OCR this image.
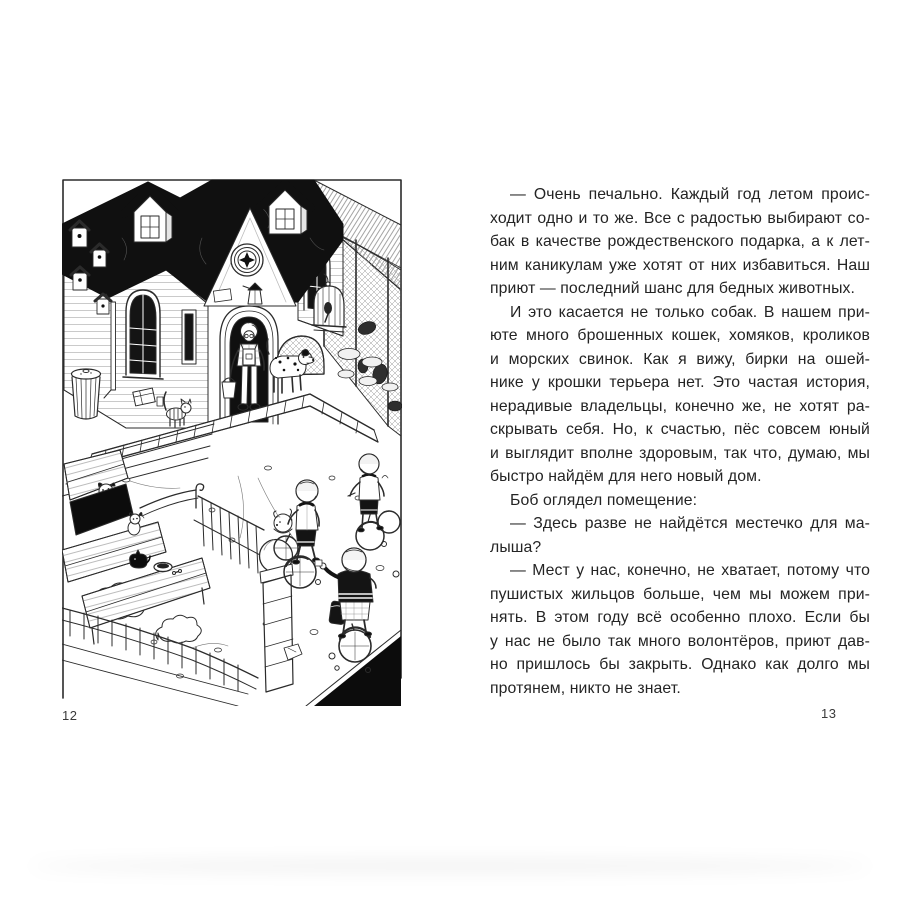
12
— Очень печально. Каждый год летом проис-
ходит одно и то же. Все с радостью выбирают со-
бак в качестве рождественского подарка, а к лет-
ним каникулам уже хотят от них избавиться. Наш
приют — последний шанс для бедных животных.
И это касается не только собак. В нашем при-
юте много брошенных кошек, хомяков, кроликов
и морских свинок. Как я вижу, бирки на ошей-
нике у крошки терьера нет. Это частая история,
нерадивые владельцы, конечно же, не хотят ра-
скрывать себя. Но, к счастью, пёс совсем юный
и выглядит вполне здоровым, так что, думаю, мы
быстро найдём для него новый дом.
Боб оглядел помещение:
— Здесь разве не найдётся местечко для ма-
лыша?
— Мест у нас, конечно, не хватает, потому что
пушистых жильцов больше, чем мы можем при-
нять. В этом году всё особенно плохо. Если бы
у нас не было так много волонтёров, приют дав-
но пришлось бы закрыть. Однако как долго мы
протянем, никто не знает.
13
